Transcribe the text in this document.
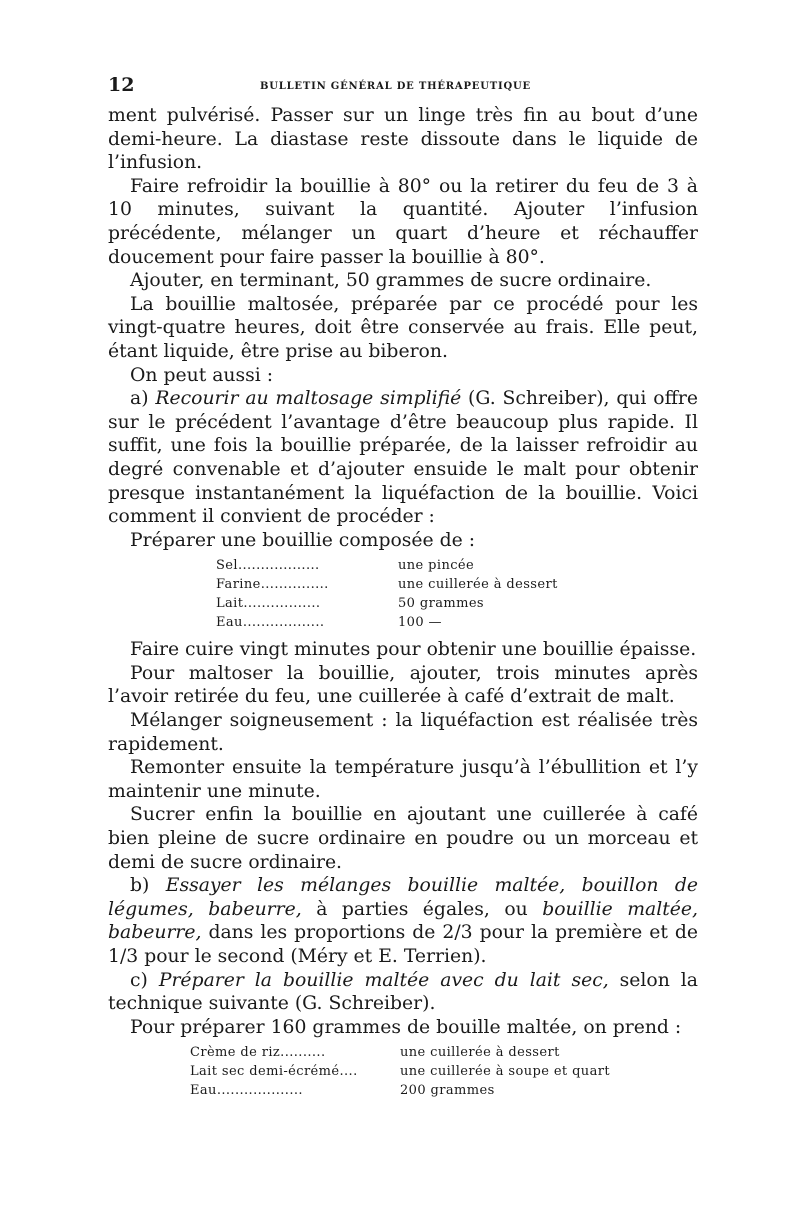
12	BULLETIN GÉNÉRAL DE THÉRAPEUTIQUE

ment pulvérisé. Passer sur un linge très fin au bout d’une demi-heure. La diastase reste dissoute dans le liquide de l’infusion.

Faire refroidir la bouillie à 80° ou la retirer du feu de 3 à 10 minutes, suivant la quantité. Ajouter l’infusion précédente, mélanger un quart d’heure et réchauffer doucement pour faire passer la bouillie à 80°.

Ajouter, en terminant, 50 grammes de sucre ordinaire.

La bouillie maltosée, préparée par ce procédé pour les vingt-quatre heures, doit être conservée au frais. Elle peut, étant liquide, être prise au biberon.

On peut aussi :

a) Recourir au maltosage simplifié (G. Schreiber), qui offre sur le précédent l’avantage d’être beaucoup plus rapide. Il suffit, une fois la bouillie préparée, de la laisser refroidir au degré convenable et d’ajouter ensuide le malt pour obtenir presque instantanément la liquéfaction de la bouillie. Voici comment il convient de procéder :

Préparer une bouillie composée de :

Sel..................	une pincée
Farine...............	une cuillerée à dessert
Lait.................	50 grammes
Eau..................	100 —

Faire cuire vingt minutes pour obtenir une bouillie épaisse.

Pour maltoser la bouillie, ajouter, trois minutes après l’avoir retirée du feu, une cuillerée à café d’extrait de malt.

Mélanger soigneusement : la liquéfaction est réalisée très rapidement.

Remonter ensuite la température jusqu’à l’ébullition et l’y maintenir une minute.

Sucrer enfin la bouillie en ajoutant une cuillerée à café bien pleine de sucre ordinaire en poudre ou un morceau et demi de sucre ordinaire.

b) Essayer les mélanges bouillie maltée, bouillon de légumes, babeurre, à parties égales, ou bouillie maltée, babeurre, dans les proportions de 2/3 pour la première et de 1/3 pour le second (Méry et E. Terrien).

c) Préparer la bouillie maltée avec du lait sec, selon la technique suivante (G. Schreiber).

Pour préparer 160 grammes de bouille maltée, on prend :

Crème de riz..........	une cuillerée à dessert
Lait sec demi-écrémé....	une cuillerée à soupe et quart
Eau...................	200 grammes
